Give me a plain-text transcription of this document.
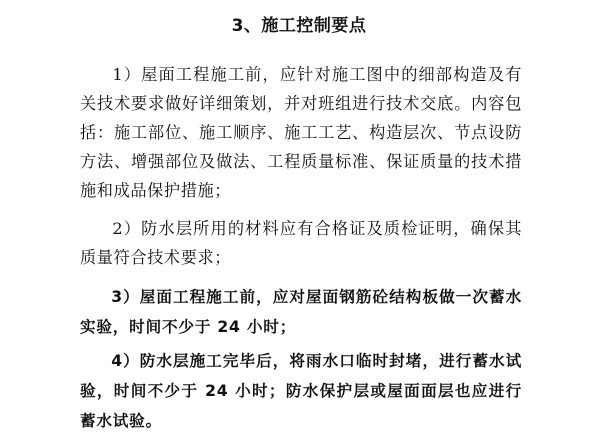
3、施工控制要点

1）屋面工程施工前，应针对施工图中的细部构造及有关技术要求做好详细策划，并对班组进行技术交底。内容包括：施工部位、施工顺序、施工工艺、构造层次、节点设防方法、增强部位及做法、工程质量标准、保证质量的技术措施和成品保护措施；

2）防水层所用的材料应有合格证及质检证明，确保其质量符合技术要求；

3）屋面工程施工前，应对屋面钢筋砼结构板做一次蓄水实验，时间不少于 24 小时；

4）防水层施工完毕后，将雨水口临时封堵，进行蓄水试验，时间不少于 24 小时；防水保护层或屋面面层也应进行蓄水试验。
